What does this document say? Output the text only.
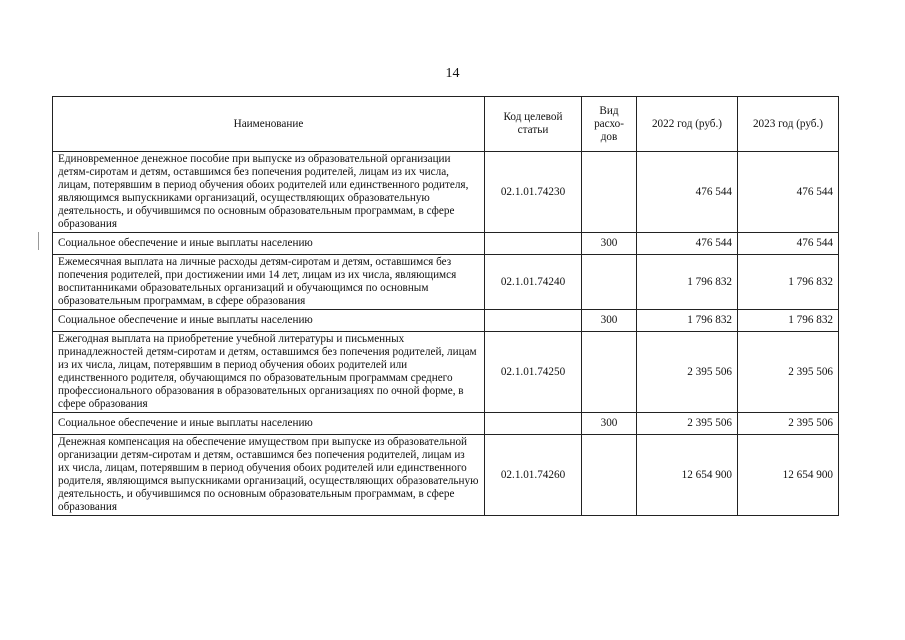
14
Наименование	Код целевой статьи	Вид расхо-дов	2022 год (руб.)	2023 год (руб.)
Единовременное денежное пособие при выпуске из образовательной организации детям-сиротам и детям, оставшимся без попечения родителей, лицам из их числа, лицам, потерявшим в период обучения обоих родителей или единственного родителя, являющимся выпускниками организаций, осуществляющих образовательную деятельность, и обучившимся по основным образовательным программам, в сфере образования	02.1.01.74230		476 544	476 544
Социальное обеспечение и иные выплаты населению		300	476 544	476 544
Ежемесячная выплата на личные расходы детям-сиротам и детям, оставшимся без попечения родителей, при достижении ими 14 лет, лицам из их числа, являющимся воспитанниками образовательных организаций и обучающимся по основным образовательным программам, в сфере образования	02.1.01.74240		1 796 832	1 796 832
Социальное обеспечение и иные выплаты населению		300	1 796 832	1 796 832
Ежегодная выплата на приобретение учебной литературы и письменных принадлежностей детям-сиротам и детям, оставшимся без попечения родителей, лицам из их числа, лицам, потерявшим в период обучения обоих родителей или единственного родителя, обучающимся по образовательным программам среднего профессионального образования в образовательных организациях по очной форме, в сфере образования	02.1.01.74250		2 395 506	2 395 506
Социальное обеспечение и иные выплаты населению		300	2 395 506	2 395 506
Денежная компенсация на обеспечение имуществом при выпуске из образовательной организации детям-сиротам и детям, оставшимся без попечения родителей, лицам из их числа, лицам, потерявшим в период обучения обоих родителей или единственного родителя, являющимся выпускниками организаций, осуществляющих образовательную деятельность, и обучившимся по основным образовательным программам, в сфере образования	02.1.01.74260		12 654 900	12 654 900
